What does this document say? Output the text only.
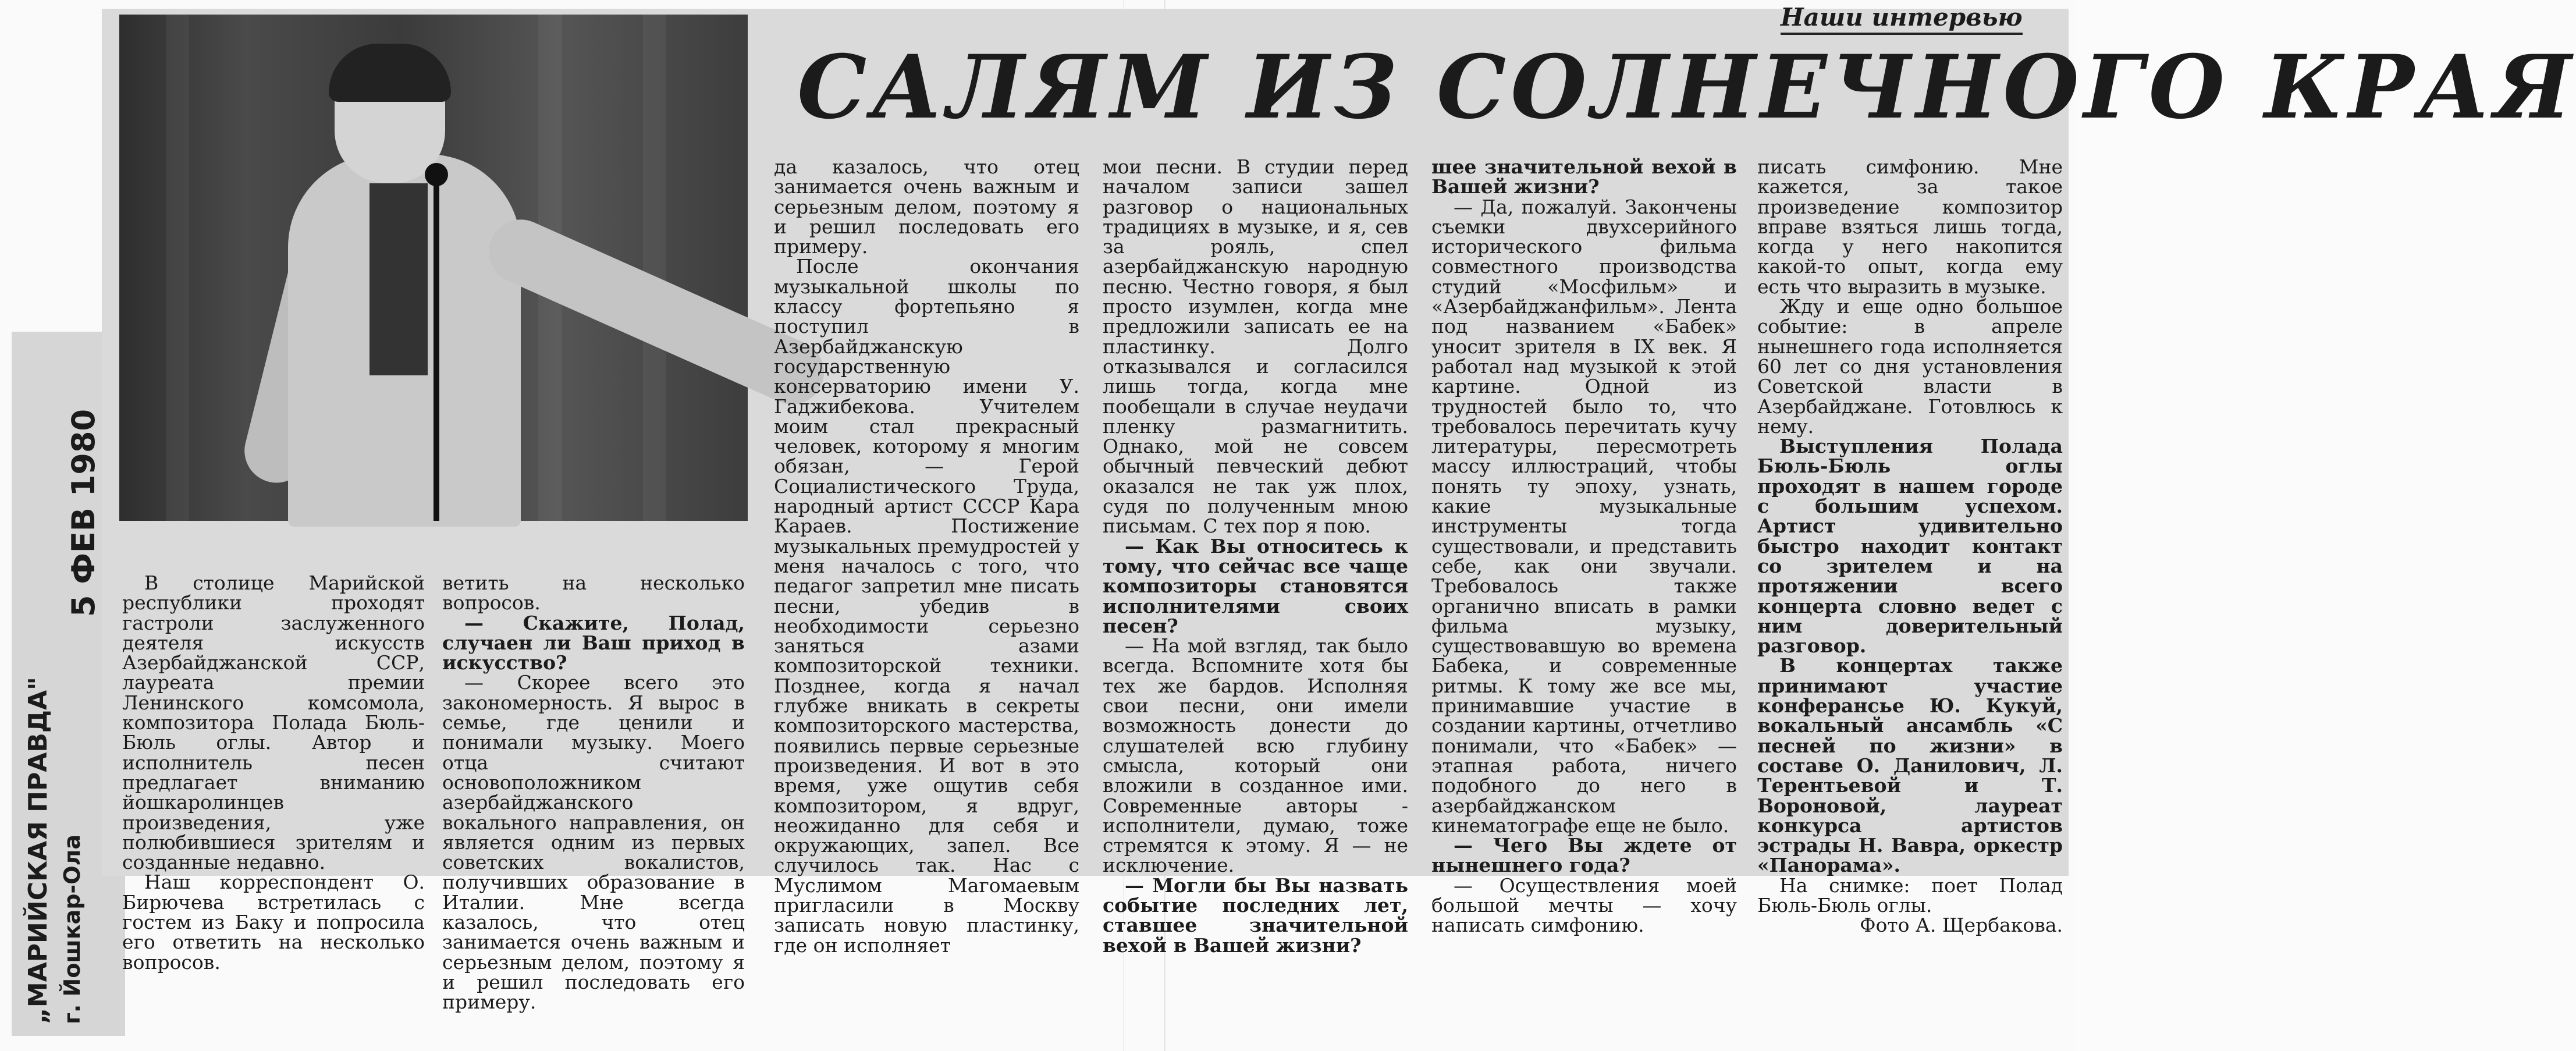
Наши интервью
САЛЯМ ИЗ СОЛНЕЧНОГО КРАЯ
5 ФЕВ 1980
„МАРИЙСКАЯ ПРАВДА" г. Йошкар-Ола

В столице Марийской республики проходят гастроли заслуженного деятеля искусств Азербайджанской ССР, лауреата премии Ленинского комсомола, композитора Полада Бюль-Бюль оглы. Автор и исполнитель песен предлагает вниманию йошкаролинцев произведения, уже полюбившиеся зрителям и созданные недавно.

Наш корреспондент О. Бирючева встретилась с гостем из Баку и попросила его ответить на несколько вопросов.

ветить на несколько вопросов.

— Скажите, Полад, случаен ли Ваш приход в искусство?

— Скорее всего это закономерность. Я вырос в семье, где ценили и понимали музыку. Моего отца считают основоположником азербайджанского вокального направления, он является одним из первых советских вокалистов, получивших образование в Италии. Мне всегда казалось, что отец занимается очень важным и серьезным делом, поэтому я и решил последовать его примеру.

да казалось, что отец занимается очень важным и серьезным делом, поэтому я и решил последовать его примеру.

После окончания музыкальной школы по классу фортепьяно я поступил в Азербайджанскую государственную консерваторию имени У. Гаджибекова. Учителем моим стал прекрасный человек, которому я многим обязан, — Герой Социалистического Труда, народный артист СССР Кара Караев. Постижение музыкальных премудростей у меня началось с того, что педагог запретил мне писать песни, убедив в необходимости серьезно заняться азами композиторской техники. Позднее, когда я начал глубже вникать в секреты композиторского мастерства, появились первые серьезные произведения. И вот в это время, уже ощутив себя композитором, я вдруг, неожиданно для себя и окружающих, запел. Все случилось так. Нас с Муслимом Магомаевым пригласили в Москву записать новую пластинку, где он исполняет

мои песни. В студии перед началом записи зашел разговор о национальных традициях в музыке, и я, сев за рояль, спел азербайджанскую народную песню. Честно говоря, я был просто изумлен, когда мне предложили записать ее на пластинку. Долго отказывался и согласился лишь тогда, когда мне пообещали в случае неудачи пленку размагнитить. Однако, мой не совсем обычный певческий дебют оказался не так уж плох, судя по полученным мною письмам. С тех пор я пою.

— Как Вы относитесь к тому, что сейчас все чаще композиторы становятся исполнителями своих песен?

— На мой взгляд, так было всегда. Вспомните хотя бы тех же бардов. Исполняя свои песни, они имели возможность донести до слушателей всю глубину смысла, который они вложили в созданное ими. Современные авторы - исполнители, думаю, тоже стремятся к этому. Я — не исключение.

— Могли бы Вы назвать событие последних лет, ставшее значительной вехой в Вашей жизни?

шее значительной вехой в Вашей жизни?

— Да, пожалуй. Закончены съемки двухсерийного исторического фильма совместного производства студий «Мосфильм» и «Азербайджанфильм». Лента под названием «Бабек» уносит зрителя в IX век. Я работал над музыкой к этой картине. Одной из трудностей было то, что требовалось перечитать кучу литературы, пересмотреть массу иллюстраций, чтобы понять ту эпоху, узнать, какие музыкальные инструменты тогда существовали, и представить себе, как они звучали. Требовалось также органично вписать в рамки фильма музыку, существовавшую во времена Бабека, и современные ритмы. К тому же все мы, принимавшие участие в создании картины, отчетливо понимали, что «Бабек» — этапная работа, ничего подобного до него в азербайджанском кинематографе еще не было.

— Чего Вы ждете от нынешнего года?

— Осуществления моей большой мечты — хочу написать симфонию.

писать симфонию. Мне кажется, за такое произведение композитор вправе взяться лишь тогда, когда у него накопится какой-то опыт, когда ему есть что выразить в музыке.

Жду и еще одно большое событие: в апреле нынешнего года исполняется 60 лет со дня установления Советской власти в Азербайджане. Готовлюсь к нему.

Выступления Полада Бюль-Бюль оглы проходят в нашем городе с большим успехом. Артист удивительно быстро находит контакт со зрителем и на протяжении всего концерта словно ведет с ним доверительный разговор.

В концертах также принимают участие конферансье Ю. Кукуй, вокальный ансамбль «С песней по жизни» в составе О. Данилович, Л. Терентьевой и Т. Вороновой, лауреат конкурса артистов эстрады Н. Вавра, оркестр «Панорама».

На снимке: поет Полад Бюль-Бюль оглы.

Фото А. Щербакова.
